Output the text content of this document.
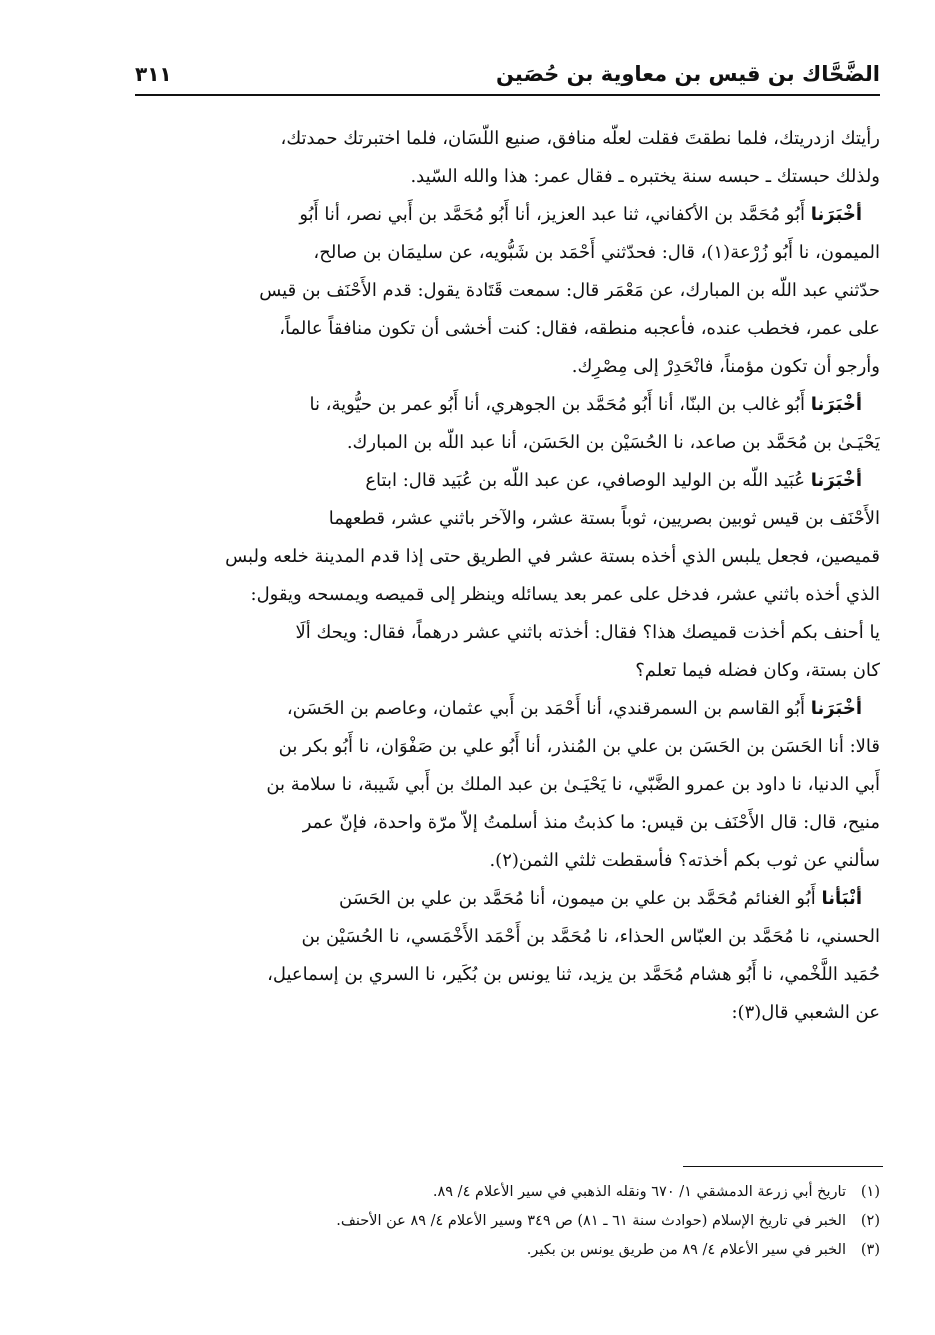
الضَّحَّاك بن قيس بن معاوية بن حُصَين
٣١١
رأيتك ازدريتك، فلما نطقتَ فقلت لعلّه منافق، صنيع اللّسَان، فلما اختبرتك حمدتك،
ولذلك حبستك ـ حبسه سنة يختبره ـ فقال عمر: هذا والله السّيد.
أخْبَرَنا أَبُو مُحَمَّد بن الأكفاني، ثنا عبد العزيز، أنا أَبُو مُحَمَّد بن أَبي نصر، أنا أَبُو
الميمون، نا أَبُو زُرْعة(١)، قال: فحدّثني أَحْمَد بن شَبُّويه، عن سليمَان بن صالح،
حدّثني عبد اللّه بن المبارك، عن مَعْمَر قال: سمعت قَتَادة يقول: قدم الأَحْنَف بن قيس
على عمر، فخطب عنده، فأعجبه منطقه، فقال: كنت أخشى أن تكون منافقاً عالماً،
وأرجو أن تكون مؤمناً، فانْحَدِرْ إلى مِصْرِك.
أخْبَرَنا أَبُو غالب بن البنّا، أنا أَبُو مُحَمَّد بن الجوهري، أنا أَبُو عمر بن حيُّوية، نا
يَحْيَـىٰ بن مُحَمَّد بن صاعد، نا الحُسَيْن بن الحَسَن، أنا عبد اللّه بن المبارك.
أخْبَرَنا عُبَيد اللّه بن الوليد الوصافي، عن عبد اللّه بن عُبَيد قال: ابتاع
الأَحْنَف بن قيس ثوبين بصريين، ثوباً بستة عشر، والآخر باثني عشر، قطعهما
قميصين، فجعل يلبس الذي أخذه بستة عشر في الطريق حتى إذا قدم المدينة خلعه ولبس
الذي أخذه باثني عشر، فدخل على عمر بعد يسائله وينظر إلى قميصه ويمسحه ويقول:
يا أحنف بكم أخذت قميصك هذا؟ فقال: أخذته باثني عشر درهماً، فقال: ويحك ألَا
كان بستة، وكان فضله فيما تعلم؟
أخْبَرَنا أَبُو القاسم بن السمرقندي، أنا أَحْمَد بن أَبي عثمان، وعاصم بن الحَسَن،
قالا: أنا الحَسَن بن الحَسَن بن علي بن المُنذر، أنا أَبُو علي بن صَفْوَان، نا أَبُو بكر بن
أَبي الدنيا، نا داود بن عمرو الضَّبّي، نا يَحْيَـىٰ بن عبد الملك بن أَبي شَيبة، نا سلامة بن
منيح، قال: قال الأَحْنَف بن قيس: ما كذبتُ منذ أسلمتُ إلاّ مرّة واحدة، فإنّ عمر
سألني عن ثوب بكم أخذته؟ فأسقطت ثلثي الثمن(٢).
أنْبَأنا أَبُو الغنائم مُحَمَّد بن علي بن ميمون، أنا مُحَمَّد بن علي بن الحَسَن
الحسني، نا مُحَمَّد بن العبّاس الحذاء، نا مُحَمَّد بن أَحْمَد الأَخْمَسي، نا الحُسَيْن بن
حُمَيد اللَّخْمي، نا أَبُو هشام مُحَمَّد بن يزيد، ثنا يونس بن بُكَير، نا السري بن إسماعيل،
عن الشعبي قال(٣):
(١)تاريخ أبي زرعة الدمشقي ١/ ٦٧٠ ونقله الذهبي في سير الأعلام ٤/ ٨٩.
(٢)الخبر في تاريخ الإسلام (حوادث سنة ٦١ ـ ٨١) ص ٣٤٩ وسير الأعلام ٤/ ٨٩ عن الأحنف.
(٣)الخبر في سير الأعلام ٤/ ٨٩ من طريق يونس بن بكير.
